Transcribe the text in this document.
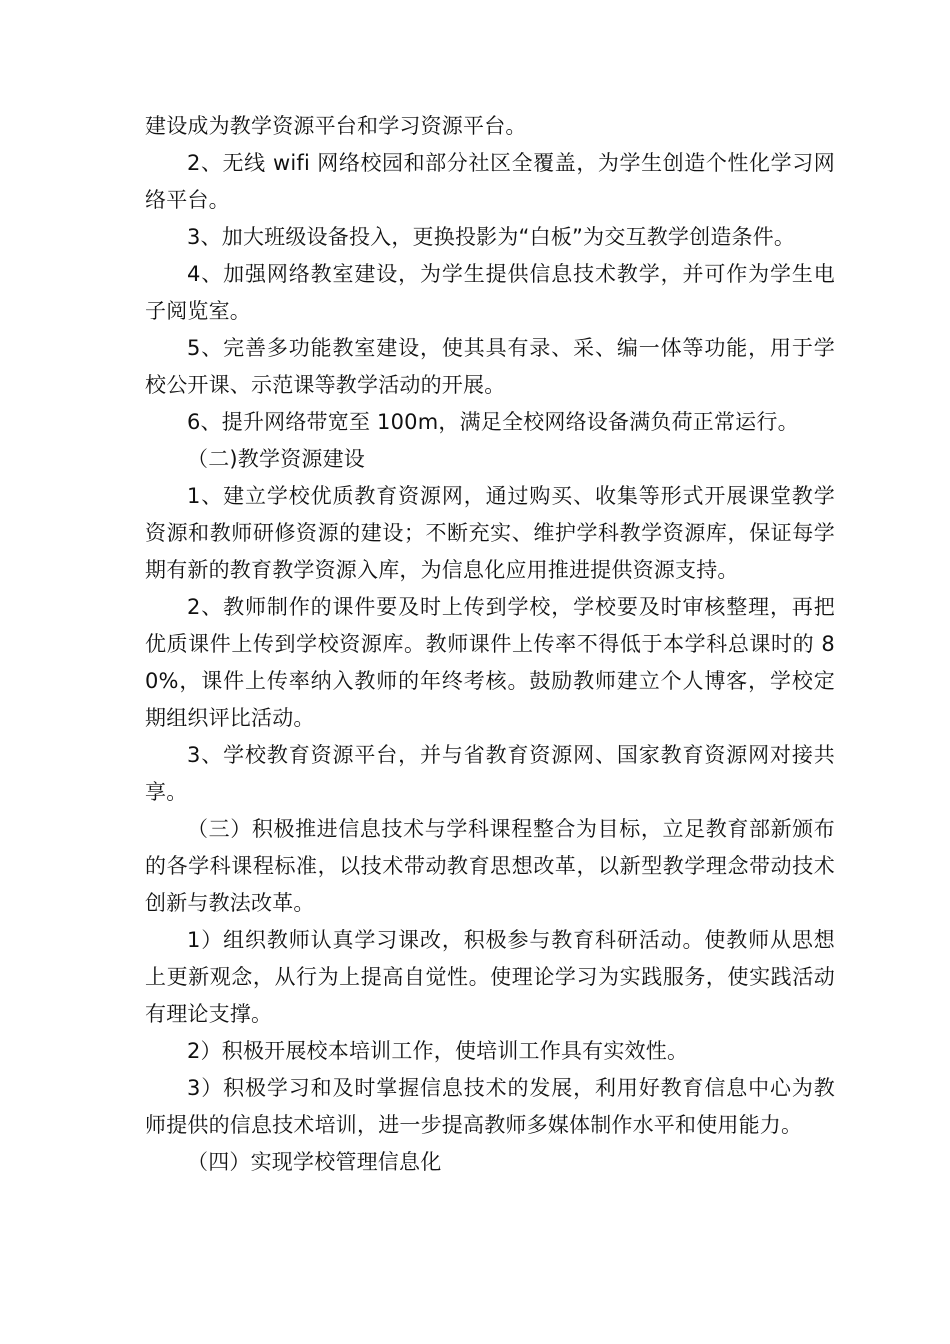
建设成为教学资源平台和学习资源平台。

2、无线 wifi 网络校园和部分社区全覆盖，为学生创造个性化学习网络平台。

3、加大班级设备投入，更换投影为“白板”为交互教学创造条件。

4、加强网络教室建设，为学生提供信息技术教学，并可作为学生电子阅览室。

5、完善多功能教室建设，使其具有录、采、编一体等功能，用于学校公开课、示范课等教学活动的开展。

6、提升网络带宽至 100m，满足全校网络设备满负荷正常运行。

（二)教学资源建设

1、建立学校优质教育资源网，通过购买、收集等形式开展课堂教学资源和教师研修资源的建设；不断充实、维护学科教学资源库，保证每学期有新的教育教学资源入库，为信息化应用推进提供资源支持。

2、教师制作的课件要及时上传到学校，学校要及时审核整理，再把优质课件上传到学校资源库。教师课件上传率不得低于本学科总课时的 80%，课件上传率纳入教师的年终考核。鼓励教师建立个人博客，学校定期组织评比活动。

3、学校教育资源平台，并与省教育资源网、国家教育资源网对接共享。

（三）积极推进信息技术与学科课程整合为目标，立足教育部新颁布的各学科课程标准，以技术带动教育思想改革，以新型教学理念带动技术创新与教法改革。

1）组织教师认真学习课改，积极参与教育科研活动。使教师从思想上更新观念，从行为上提高自觉性。使理论学习为实践服务，使实践活动有理论支撑。

2）积极开展校本培训工作，使培训工作具有实效性。

3）积极学习和及时掌握信息技术的发展，利用好教育信息中心为教师提供的信息技术培训，进一步提高教师多媒体制作水平和使用能力。

（四）实现学校管理信息化
